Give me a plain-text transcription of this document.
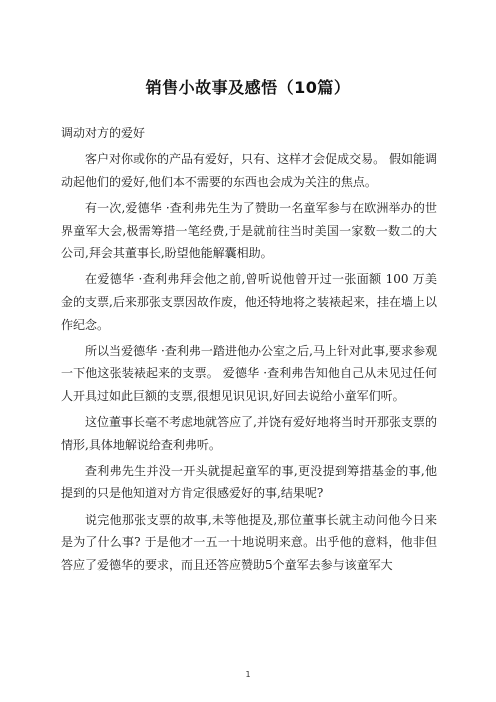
销售小故事及感悟（10篇）

调动对方的爱好

客户对你或你的产品有爱好，只有、这样才会促成交易。 假如能调动起他们的爱好,他们本不需要的东西也会成为关注的焦点。

有一次,爱德华 ·查利弗先生为了赞助一名童军参与在欧洲举办的世界童军大会,极需筹措一笔经费,于是就前往当时美国一家数一数二的大公司,拜会其董事长,盼望他能解囊相助。

在爱德华 ·查利弗拜会他之前,曾听说他曾开过一张面额 100 万美金的支票,后来那张支票因故作废，他还特地将之装裱起来，挂在墙上以作纪念。

所以当爱德华 ·查利弗一踏进他办公室之后,马上针对此事,要求参观一下他这张装裱起来的支票。 爱德华 ·查利弗告知他自己从未见过任何人开具过如此巨额的支票,很想见识见识,好回去说给小童军们听。

这位董事长毫不考虑地就答应了,并饶有爱好地将当时开那张支票的情形,具体地解说给查利弗听。

查利弗先生并没一开头就提起童军的事,更没提到筹措基金的事,他提到的只是他知道对方肯定很感爱好的事,结果呢?

说完他那张支票的故事,未等他提及,那位董事长就主动问他今日来是为了什么事? 于是他才一五一十地说明来意。出乎他的意料，他非但答应了爱德华的要求，而且还答应赞助5个童军去参与该童军大

1
